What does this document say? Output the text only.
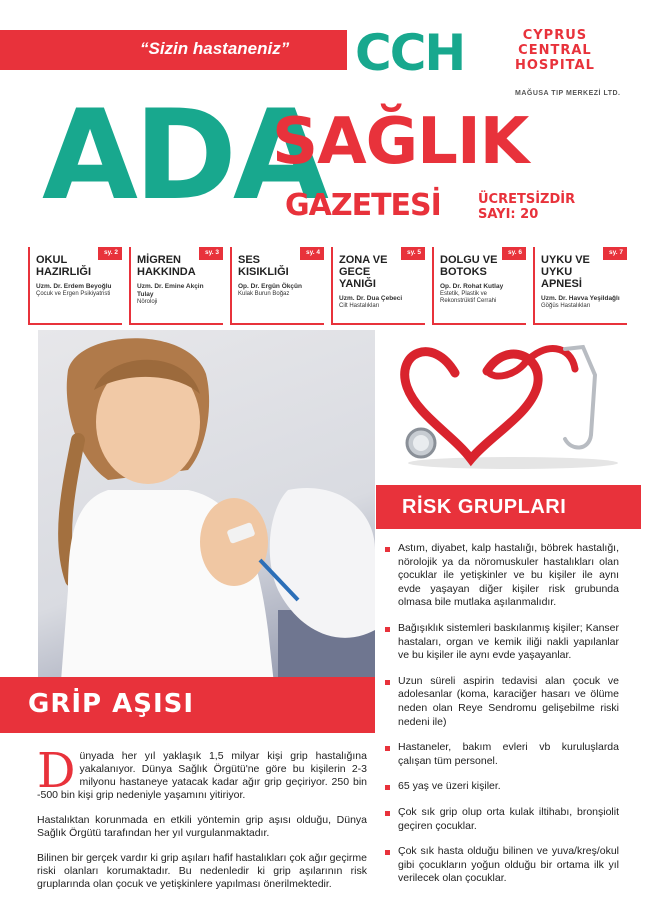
“Sizin hastaneniz” CCH	CYPRUS
CENTRAL
HOSPITAL
MAĞUSA TIP MERKEZİ LTD.
ADA
SAĞLIK
GAZETESİ	ÜCRETSİZDİR
SAYI: 20
sy. 2
OKUL HAZIRLIĞI
Uzm. Dr. Erdem Beyoğlu
Çocuk ve Ergen Psikiyatristi
sy. 3
MİGREN HAKKINDA
Uzm. Dr. Emine Akçin Tulay
Nöroloji
sy. 4
SES KISIKLIĞI
Op. Dr. Ergün Ökçün
Kulak Burun Boğaz
sy. 5
ZONA VE GECE YANIĞI
Uzm. Dr. Dua Çebeci
Cilt Hastalıkları
sy. 6
DOLGU VE BOTOKS
Op. Dr. Rohat Kutlay
Estetik, Plastik ve Rekonstrüktif Cerrahi
sy. 7
UYKU VE UYKU APNESİ
Uzm. Dr. Havva Yeşildağlı
Göğüs Hastalıkları
RİSK GRUPLARI
Astım, diyabet, kalp hastalığı, böbrek hastalığı, nörolojik ya da nöromuskuler hastalıkları olan çocuklar ile yetişkinler ve bu kişiler ile aynı evde yaşayan diğer kişiler risk grubunda olmasa bile mutlaka aşılanmalıdır.
Bağışıklık sistemleri baskılanmış kişiler; Kanser hastaları, organ ve kemik iliği nakli yapılanlar ve bu kişiler ile aynı evde yaşayanlar.
Uzun süreli aspirin tedavisi alan çocuk ve adolesanlar (koma, karaciğer hasarı ve ölüme neden olan Reye Sendromu gelişebilme riski nedeni ile)
Hastaneler, bakım evleri vb kuruluşlarda çalışan tüm personel.
65 yaş ve üzeri kişiler.
Çok sık grip olup orta kulak iltihabı, bronşiolit geçiren çocuklar.
Çok sık hasta olduğu bilinen ve yuva/kreş/okul gibi çocukların yoğun olduğu bir ortama ilk yıl verilecek olan çocuklar.
GRİP AŞISI

Dünyada her yıl yaklaşık 1,5 milyar kişi grip hastalığına yakalanıyor. Dünya Sağlık Örgütü'ne göre bu kişilerin 2-3 milyonu hastaneye yatacak kadar ağır grip geçiriyor. 250 bin -500 bin kişi grip nedeniyle yaşamını yitiriyor.

Hastalıktan korunmada en etkili yöntemin grip aşısı olduğu, Dünya Sağlık Örgütü tarafından her yıl vurgulanmaktadır.

Bilinen bir gerçek vardır ki grip aşıları hafif hastalıkları çok ağır geçirme riski olanları korumaktadır. Bu nedenledir ki grip aşılarının risk gruplarında olan çocuk ve yetişkinlere yapılması önerilmektedir.
